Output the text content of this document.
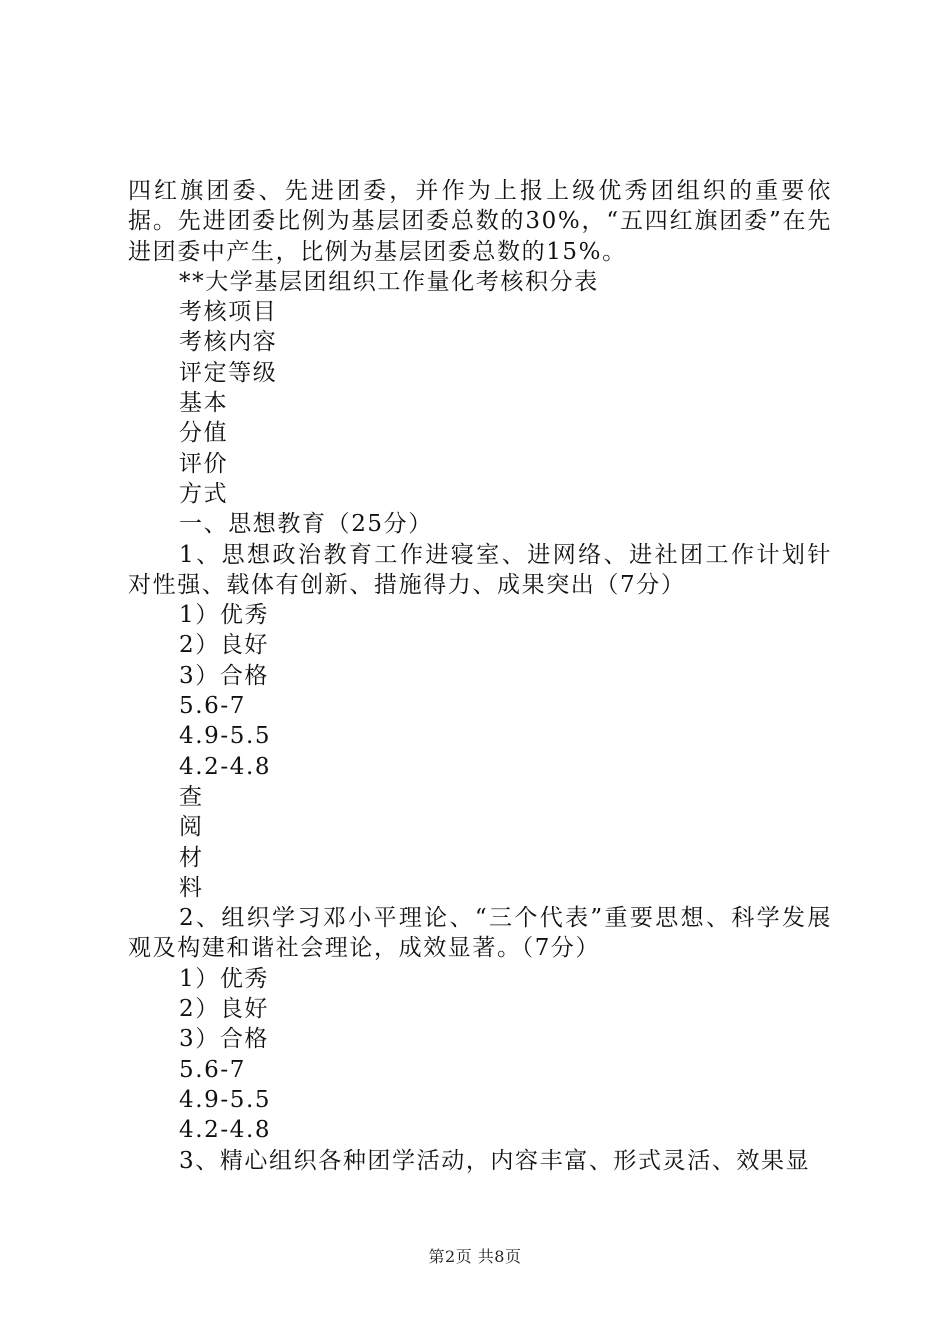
四红旗团委、先进团委，并作为上报上级优秀团组织的重要依据。先进团委比例为基层团委总数的30%，“五四红旗团委”在先进团委中产生，比例为基层团委总数的15%。

**大学基层团组织工作量化考核积分表

考核项目

考核内容

评定等级

基本

分值

评价

方式

一、思想教育（25分）

1、思想政治教育工作进寝室、进网络、进社团工作计划针对性强、载体有创新、措施得力、成果突出（7分）

1）优秀

2）良好

3）合格

5.6-7

4.9-5.5

4.2-4.8

查

阅

材

料

2、组织学习邓小平理论、“三个代表”重要思想、科学发展观及构建和谐社会理论，成效显著。（7分）

1）优秀

2）良好

3）合格

5.6-7

4.9-5.5

4.2-4.8

3、精心组织各种团学活动，内容丰富、形式灵活、效果显

第2页 共8页
